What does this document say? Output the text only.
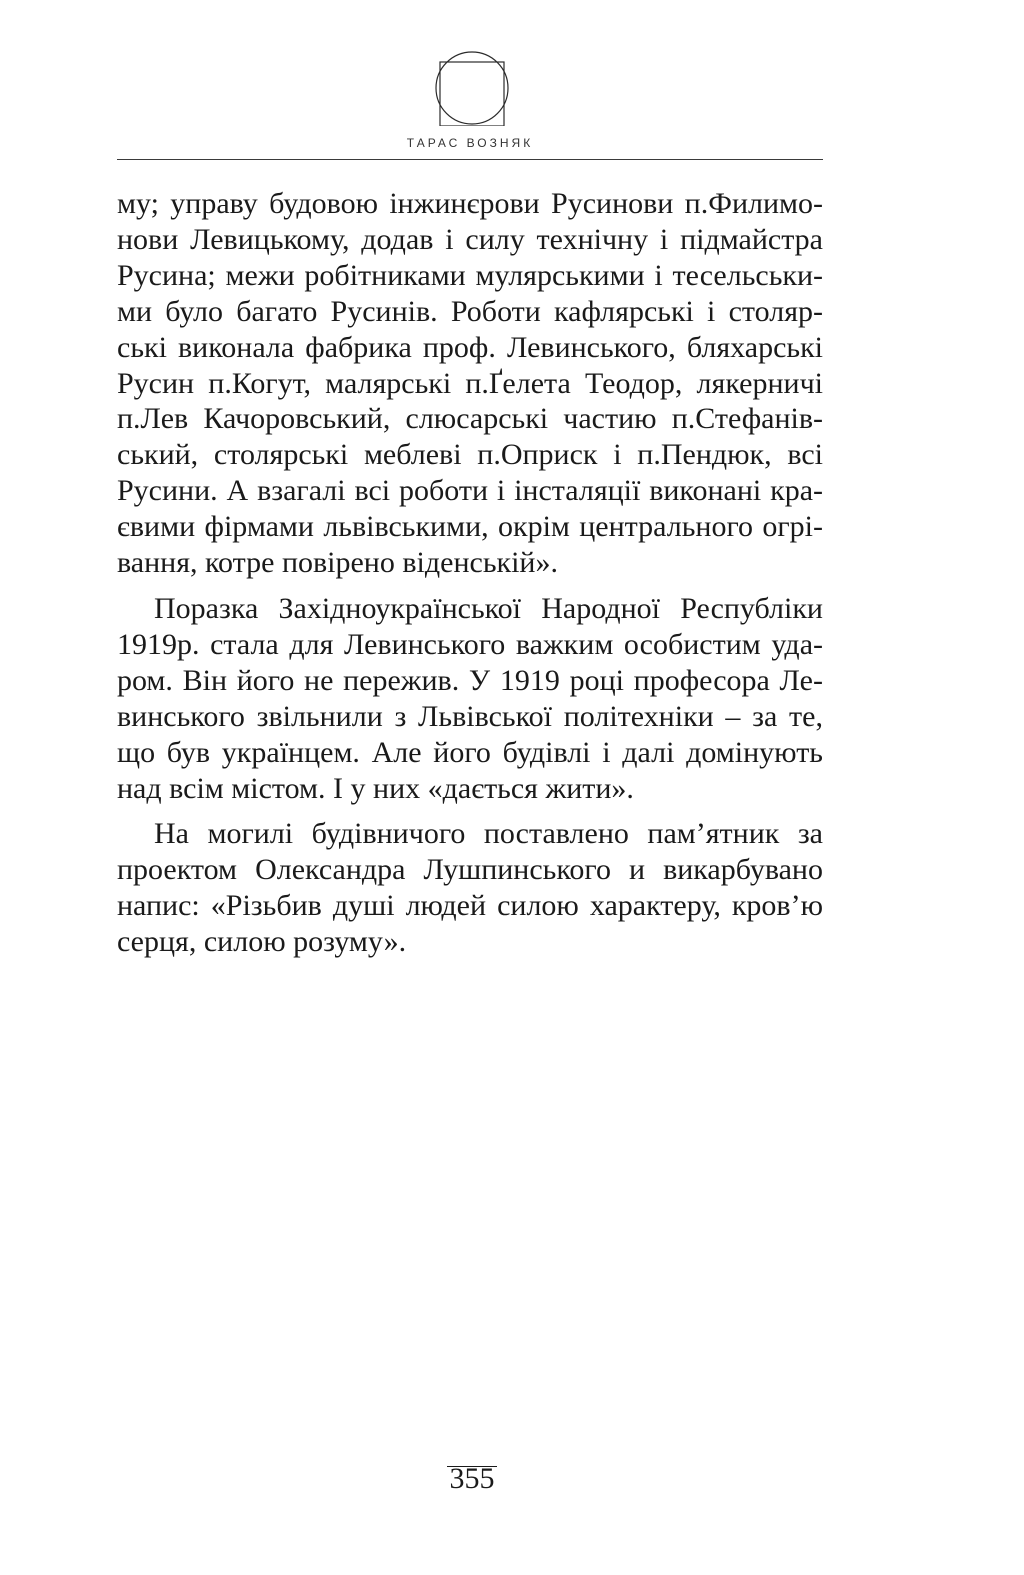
ТАРАС ВОЗНЯК
му; управу будовою інжинєрови Русинови п.Филимо-
нови Левицькому, додав і силу технічну і підмайстра
Русина; межи робітниками мулярськими і тесельськи-
ми було багато Русинів. Роботи кафлярські і столяр-
ські виконала фабрика проф. Левинського, бляхарські
Русин п.Когут, малярські п.Ґелета Теодор, лякерничі
п.Лев Качоровський, слюсарські частию п.Стефанів-
ський, столярські меблеві п.Оприск і п.Пендюк, всі
Русини. А взагалі всі роботи і інсталяції виконані кра-
євими фірмами львівськими, окрім центрального огрі-
вання, котре повірено віденській».
Поразка Західноукраїнської Народної Республіки
1919р. стала для Левинського важким особистим уда-
ром. Він його не пережив. У 1919 році професора Ле-
винського звільнили з Львівської політехніки – за те,
що був українцем. Але його будівлі і далі домінують
над всім містом. І у них «дається жити».
На могилі будівничого поставлено пам’ятник за
проектом Олександра Лушпинського и викарбувано
напис: «Різьбив душі людей силою характеру, кров’ю
серця, силою розуму».
355
